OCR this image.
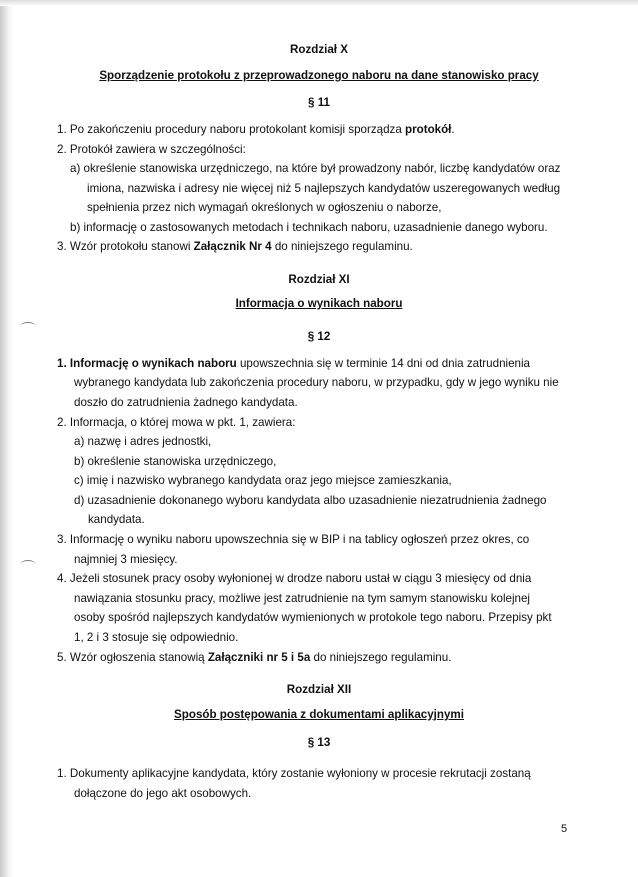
Rozdział X
Sporządzenie protokołu z przeprowadzonego naboru na dane stanowisko pracy
§ 11
1. Po zakończeniu procedury naboru protokolant komisji sporządza protokół.
2. Protokół zawiera w szczególności:
a) określenie stanowiska urzędniczego, na które był prowadzony nabór, liczbę kandydatów oraz
imiona, nazwiska i adresy nie więcej niż 5 najlepszych kandydatów uszeregowanych według
spełnienia przez nich wymagań określonych w ogłoszeniu o naborze,
b) informację o zastosowanych metodach i technikach naboru, uzasadnienie danego wyboru.
3. Wzór protokołu stanowi Załącznik Nr 4 do niniejszego regulaminu.
Rozdział XI
Informacja o wynikach naboru
§ 12
1. Informację o wynikach naboru upowszechnia się w terminie 14 dni od dnia zatrudnienia
wybranego kandydata lub zakończenia procedury naboru, w przypadku, gdy w jego wyniku nie
doszło do zatrudnienia żadnego kandydata.
2. Informacja, o której mowa w pkt. 1, zawiera:
a) nazwę i adres jednostki,
b) określenie stanowiska urzędniczego,
c) imię i nazwisko wybranego kandydata oraz jego miejsce zamieszkania,
d) uzasadnienie dokonanego wyboru kandydata albo uzasadnienie niezatrudnienia żadnego
kandydata.
3. Informację o wyniku naboru upowszechnia się w BIP i na tablicy ogłoszeń przez okres, co
najmniej 3 miesięcy.
4. Jeżeli stosunek pracy osoby wyłonionej w drodze naboru ustał w ciągu 3 miesięcy od dnia
nawiązania stosunku pracy, możliwe jest zatrudnienie na tym samym stanowisku kolejnej
osoby spośród najlepszych kandydatów wymienionych w protokole tego naboru. Przepisy pkt
1, 2 i 3 stosuje się odpowiednio.
5. Wzór ogłoszenia stanowią Załączniki nr 5 i 5a do niniejszego regulaminu.
Rozdział XII
Sposób postępowania z dokumentami aplikacyjnymi
§ 13
1. Dokumenty aplikacyjne kandydata, który zostanie wyłoniony w procesie rekrutacji zostaną
dołączone do jego akt osobowych.
5
